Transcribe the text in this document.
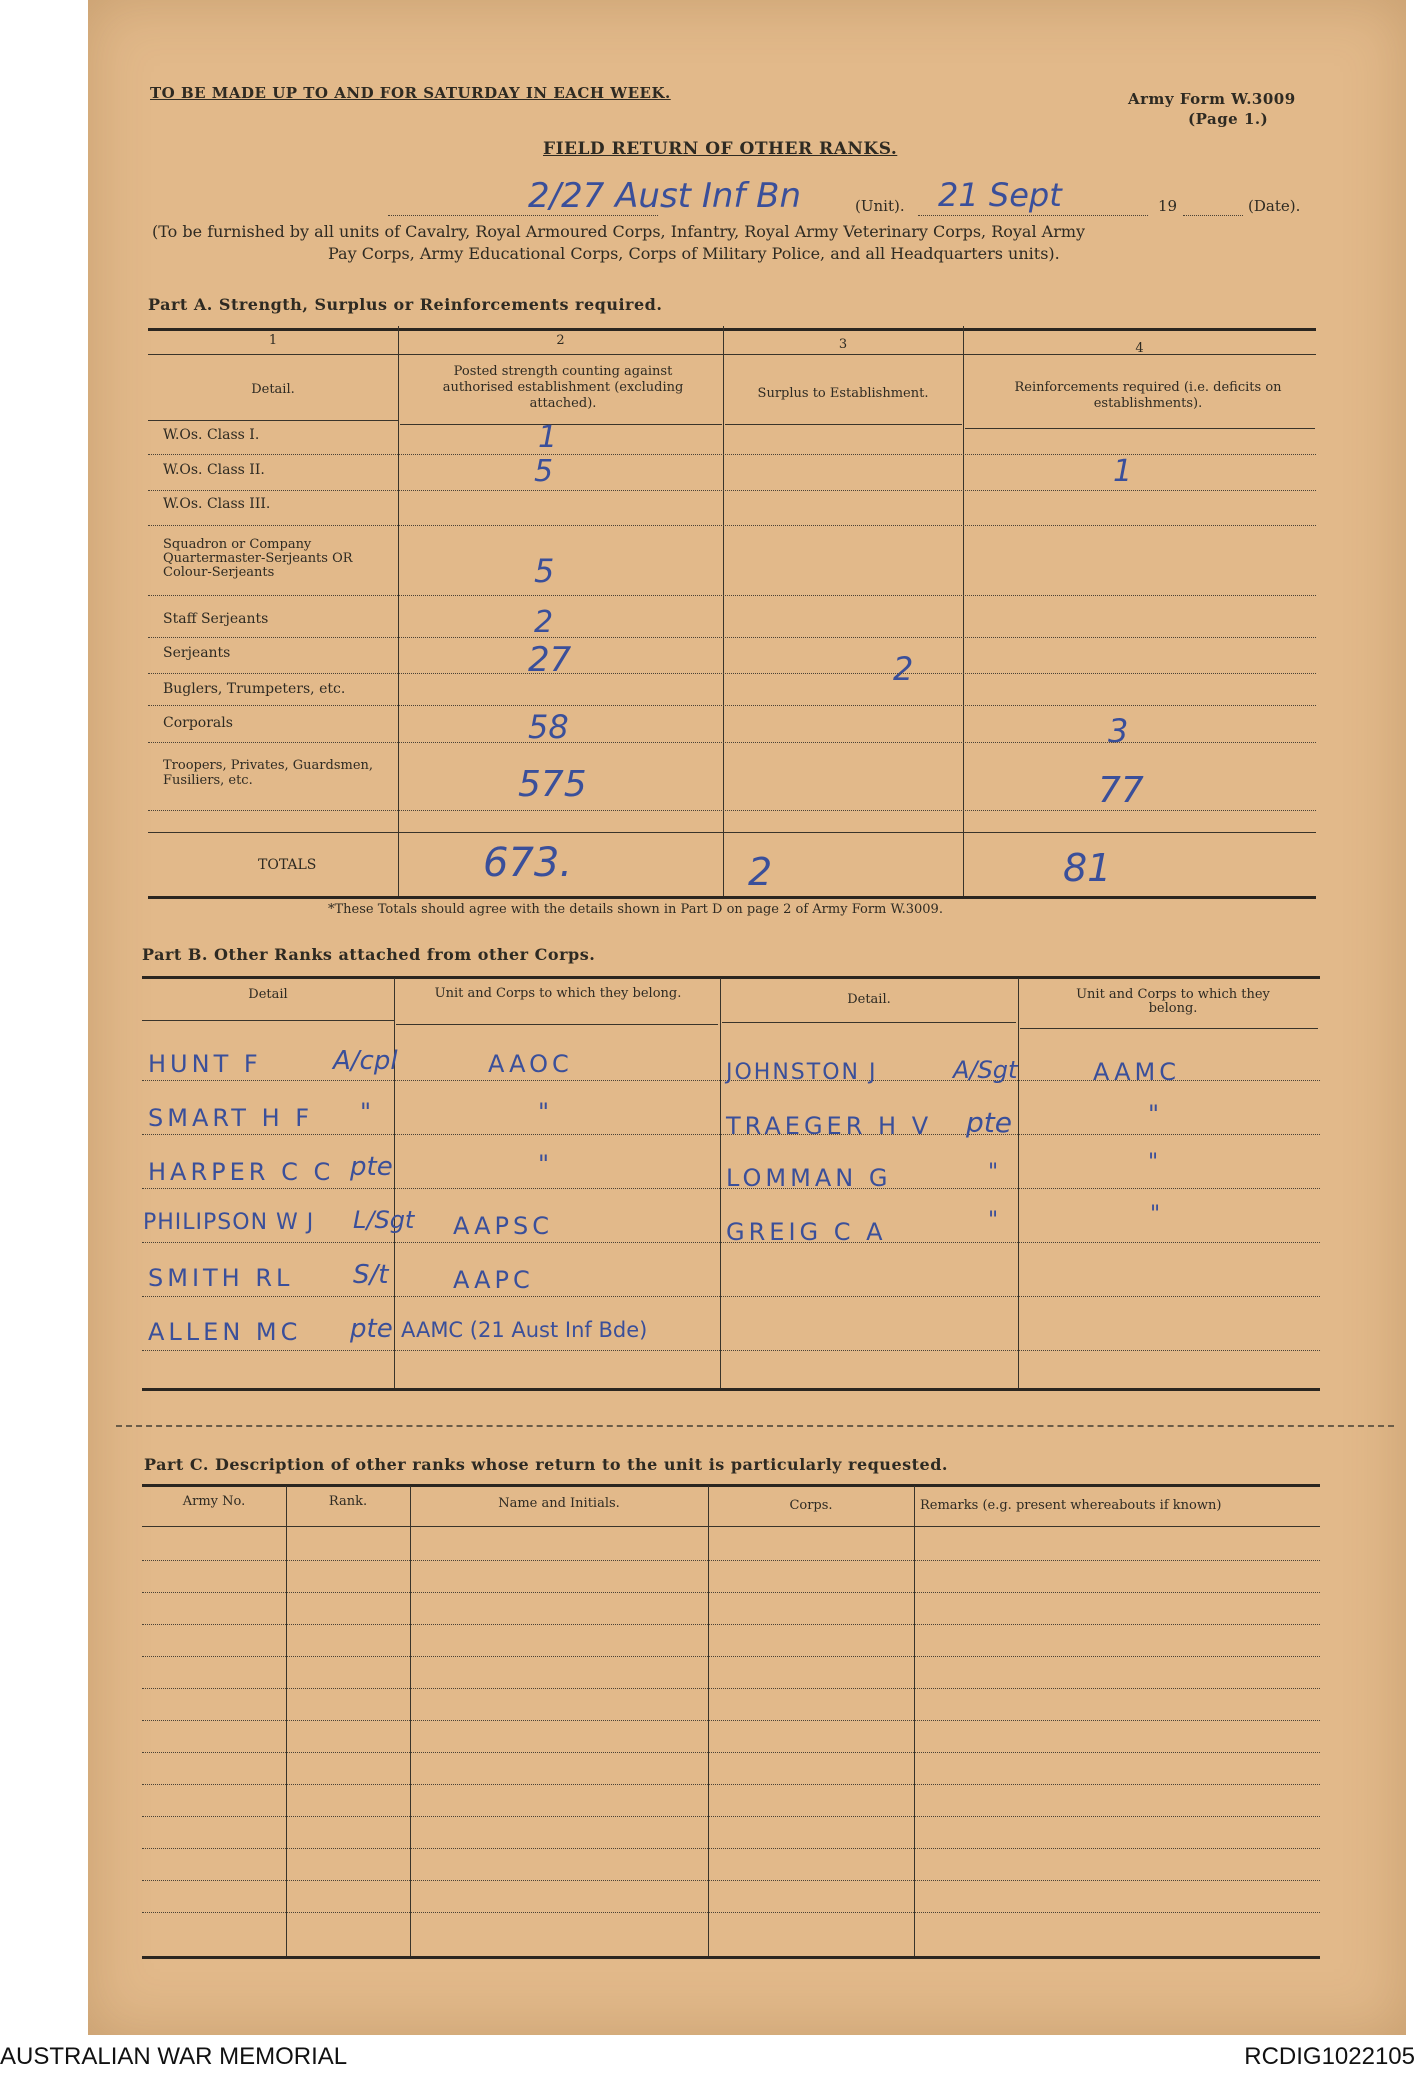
TO BE MADE UP TO AND FOR SATURDAY IN EACH WEEK.	Army Form W.3009
(Page 1.)
FIELD RETURN OF OTHER RANKS.
2/27 Aust Inf Bn	(Unit). 21 Sept	19	(Date).
(To be furnished by all units of Cavalry, Royal Armoured Corps, Infantry, Royal Army Veterinary Corps, Royal Army
Pay Corps, Army Educational Corps, Corps of Military Police, and all Headquarters units).
Part A. Strength, Surplus or Reinforcements required.
1	2	3	4
Detail.
Posted strength counting against authorised establishment (excluding attached).
Surplus to Establishment.	Reinforcements required (i.e. deficits on establishments).
W.Os. Class I.	1
W.Os. Class II.	5	1
W.Os. Class III.
Squadron or Company Quartermaster-Serjeants OR Colour-Serjeants	5
Staff Serjeants	2
Serjeants	27	2
Buglers, Trumpeters, etc.
Corporals	58	3
Troopers, Privates, Guardsmen, Fusiliers, etc.	575	77
TOTALS	673.	2	81
*These Totals should agree with the details shown in Part D on page 2 of Army Form W.3009.
Part B. Other Ranks attached from other Corps.
Detail	Unit and Corps to which they belong.	Detail.	Unit and Corps to which they belong.
HUNT F	A/cpl	AAOC
SMART H F "	"
HARPER C C pte	"
PHILIPSON W J L/Sgt AAPSC
SMITH RL S/t	AAPC
ALLEN MC pte AAMC (21 Aust Inf Bde)
JOHNSTON J	A/Sgt	AAMC
TRAEGER H V pte	"
LOMMAN G	"	"
GREIG C A	"	"
Part C. Description of other ranks whose return to the unit is particularly requested.
Army No.	Rank.	Name and Initials.	Corps.	Remarks (e.g. present whereabouts if known)
AUSTRALIAN WAR MEMORIAL	RCDIG1022105
